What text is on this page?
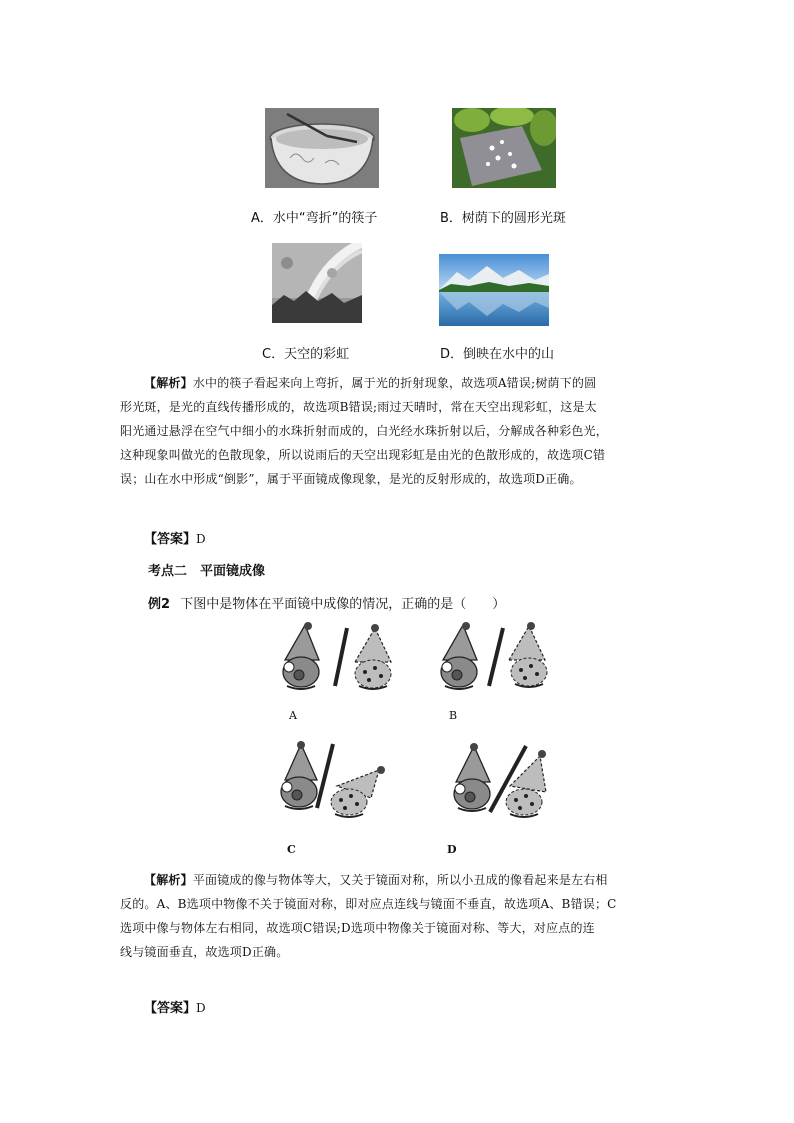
A．水中“弯折”的筷子	B．树荫下的圆形光斑
C．天空的彩虹	D．倒映在水中的山

【解析】水中的筷子看起来向上弯折，属于光的折射现象，故选项A错误;树荫下的圆

形光斑，是光的直线传播形成的，故选项B错误;雨过天晴时，常在天空出现彩虹，这是太

阳光通过悬浮在空气中细小的水珠折射而成的，白光经水珠折射以后，分解成各种彩色光，

这种现象叫做光的色散现象，所以说雨后的天空出现彩虹是由光的色散形成的，故选项C错

误；山在水中形成“倒影”，属于平面镜成像现象，是光的反射形成的，故选项D正确。

【答案】D
考点二　平面镜成像
例2 下图中是物体在平面镜中成像的情况，正确的是（　　）
A	B
C	D

【解析】平面镜成的像与物体等大，又关于镜面对称，所以小丑成的像看起来是左右相

反的。A、B选项中物像不关于镜面对称，即对应点连线与镜面不垂直，故选项A、B错误；C

选项中像与物体左右相同，故选项C错误;D选项中物像关于镜面对称、等大，对应点的连

线与镜面垂直，故选项D正确。

【答案】D
